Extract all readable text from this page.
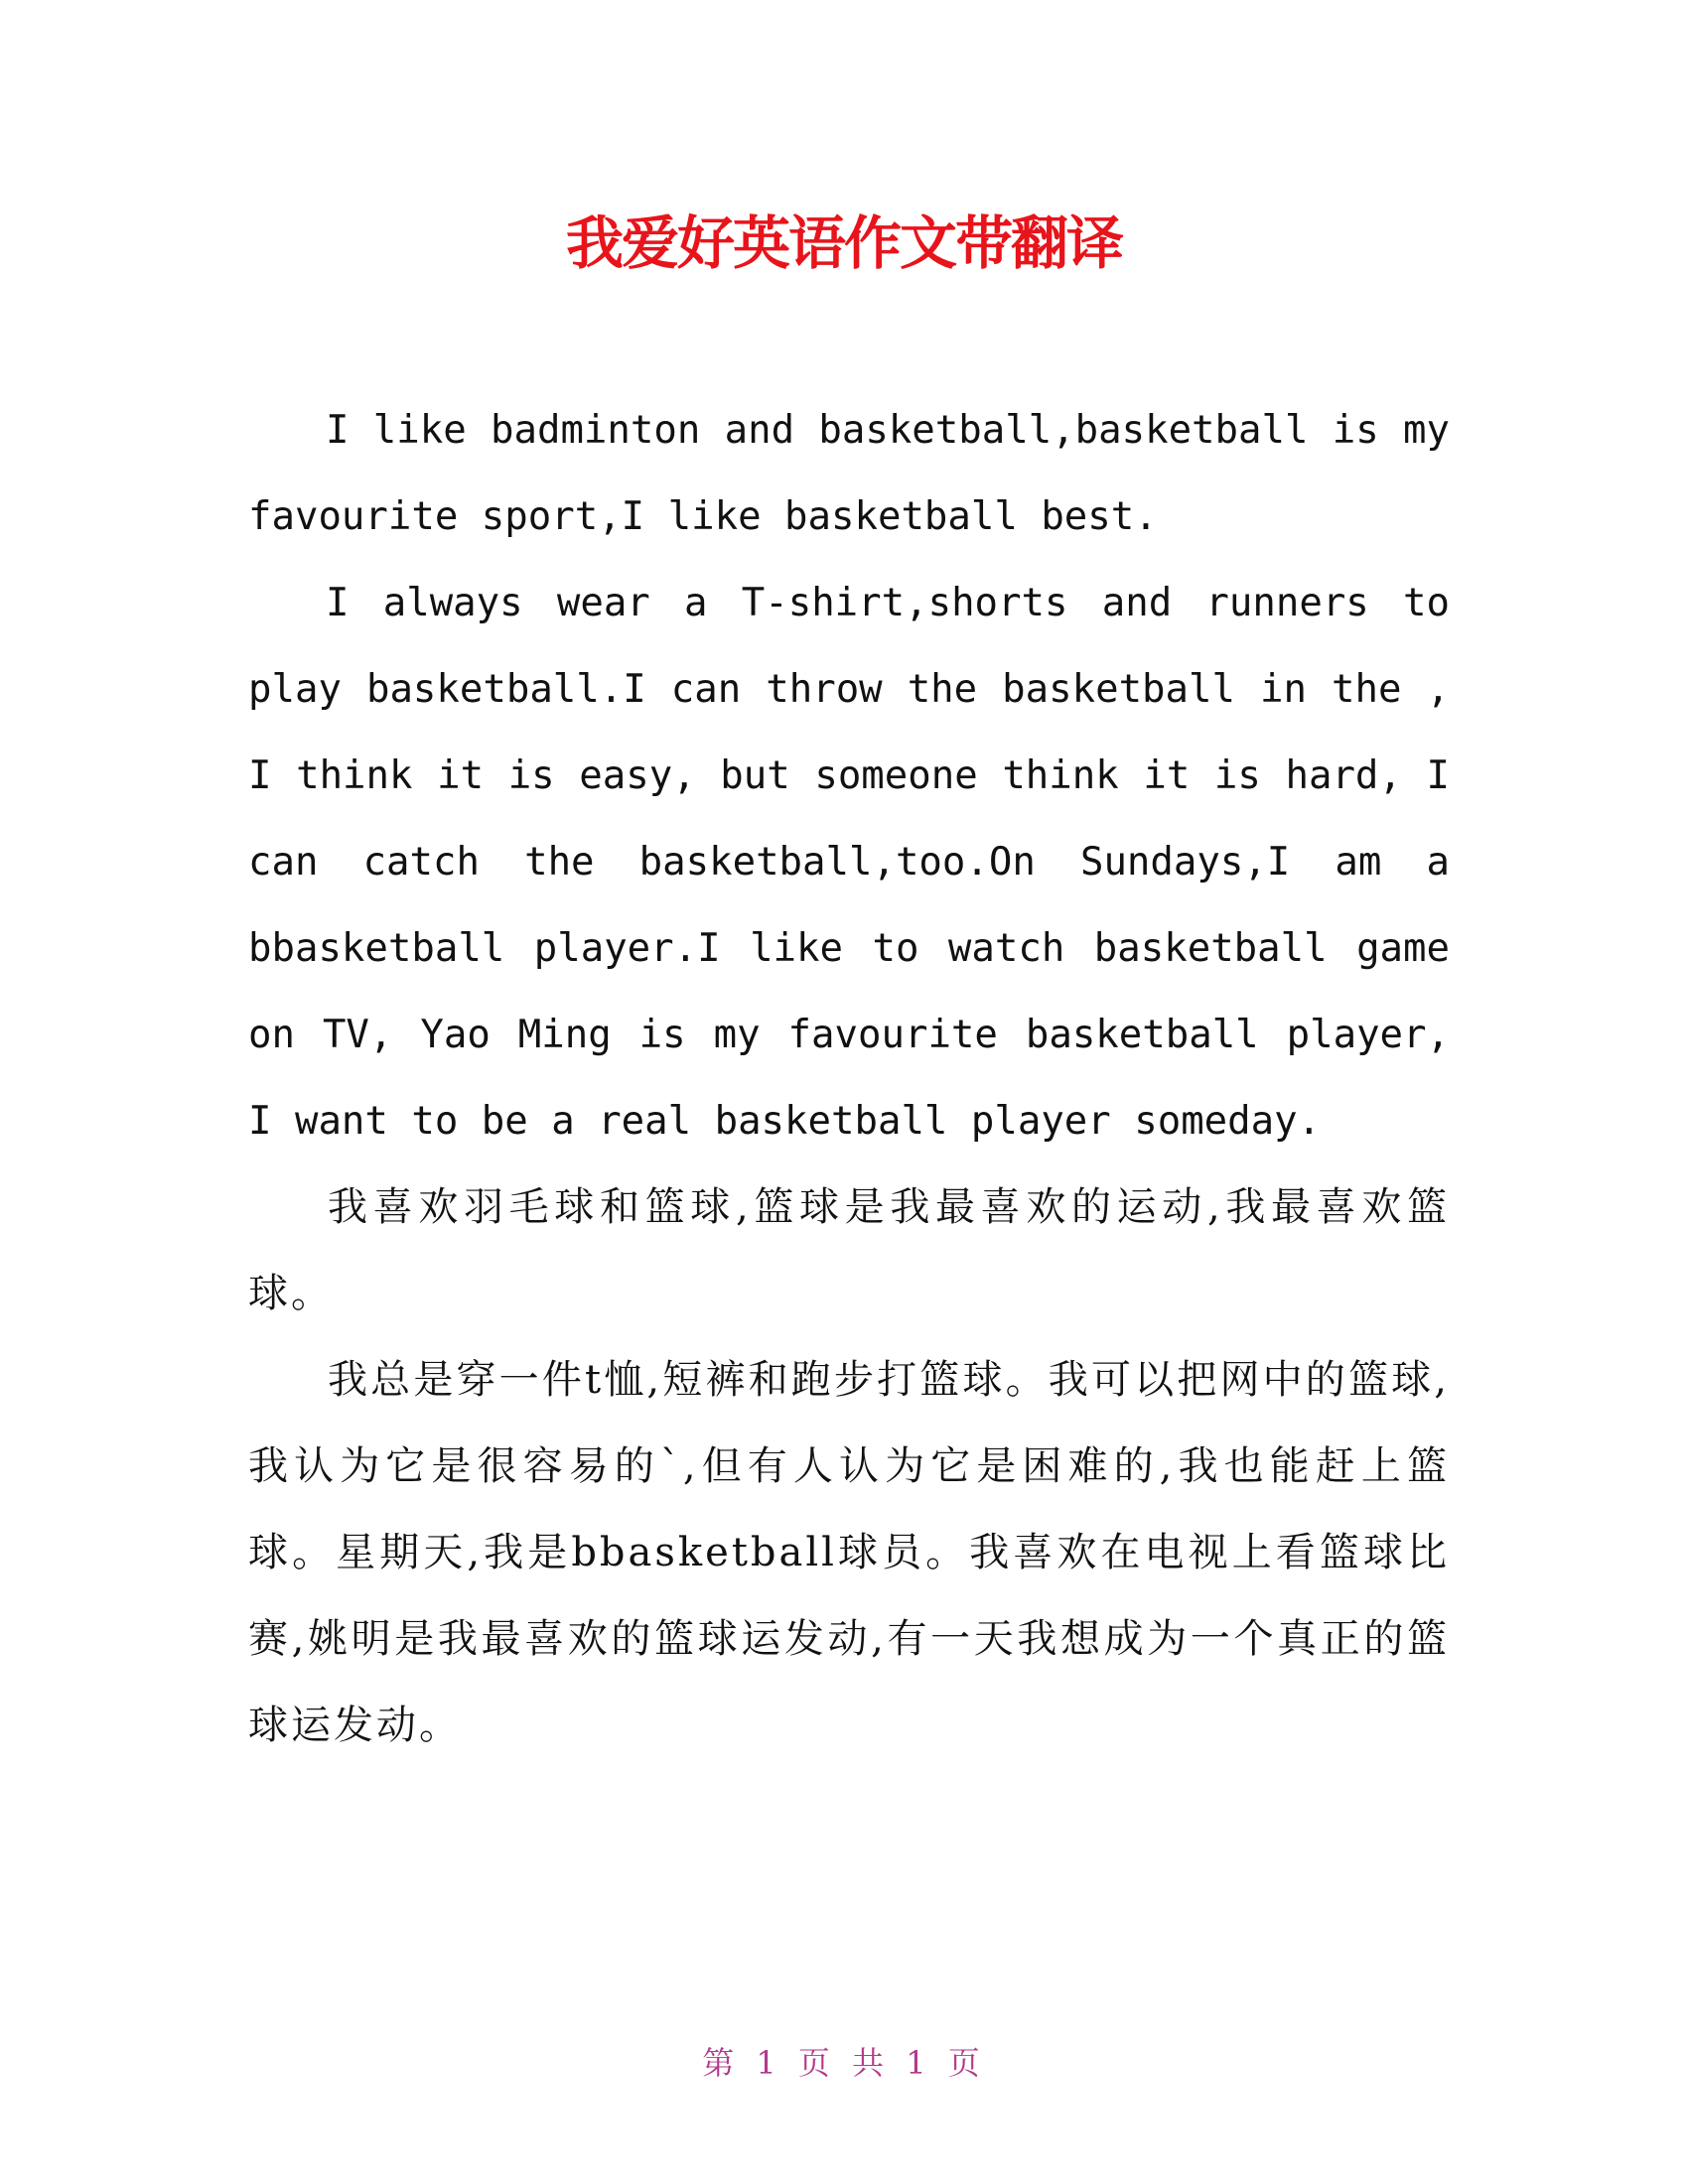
我爱好英语作文带翻译

I like badminton and basketball,basketball is my favourite sport,I like basketball best.

I always wear a T-shirt,shorts and runners to play basketball.I can throw the basketball in the , I think it is easy, but someone think it is hard, I can catch the basketball,too.On Sundays,I am a bbasketball player.I like to watch basketball game on TV, Yao Ming is my favourite basketball player, I want to be a real basketball player someday.

我喜欢羽毛球和篮球,篮球是我最喜欢的运动,我最喜欢篮球。

我总是穿一件t恤,短裤和跑步打篮球。我可以把网中的篮球,我认为它是很容易的`,但有人认为它是困难的,我也能赶上篮球。星期天,我是bbasketball球员。我喜欢在电视上看篮球比赛,姚明是我最喜欢的篮球运发动,有一天我想成为一个真正的篮球运发动。

第 1 页 共 1 页
